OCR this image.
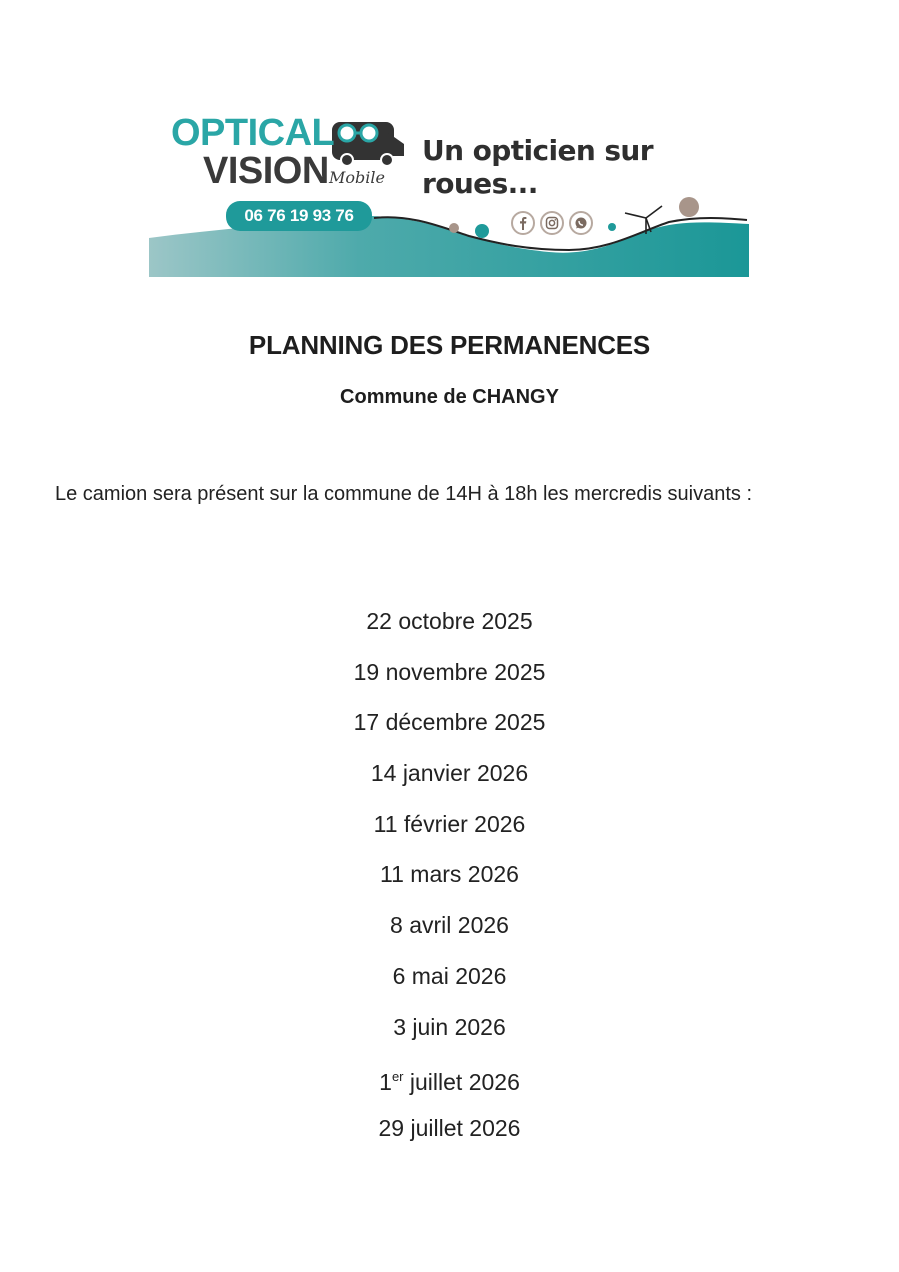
OPTICAL
VISION Mobile
Un opticien sur roues...
06 76 19 93 76
PLANNING DES PERMANENCES
Commune de CHANGY
Le camion sera présent sur la commune de 14H à 18h les mercredis suivants :
22 octobre 2025
19 novembre 2025
17 décembre 2025
14 janvier 2026
11 février 2026
11 mars 2026
8 avril 2026
6 mai 2026
3 juin 2026
1er juillet 2026
29 juillet 2026
